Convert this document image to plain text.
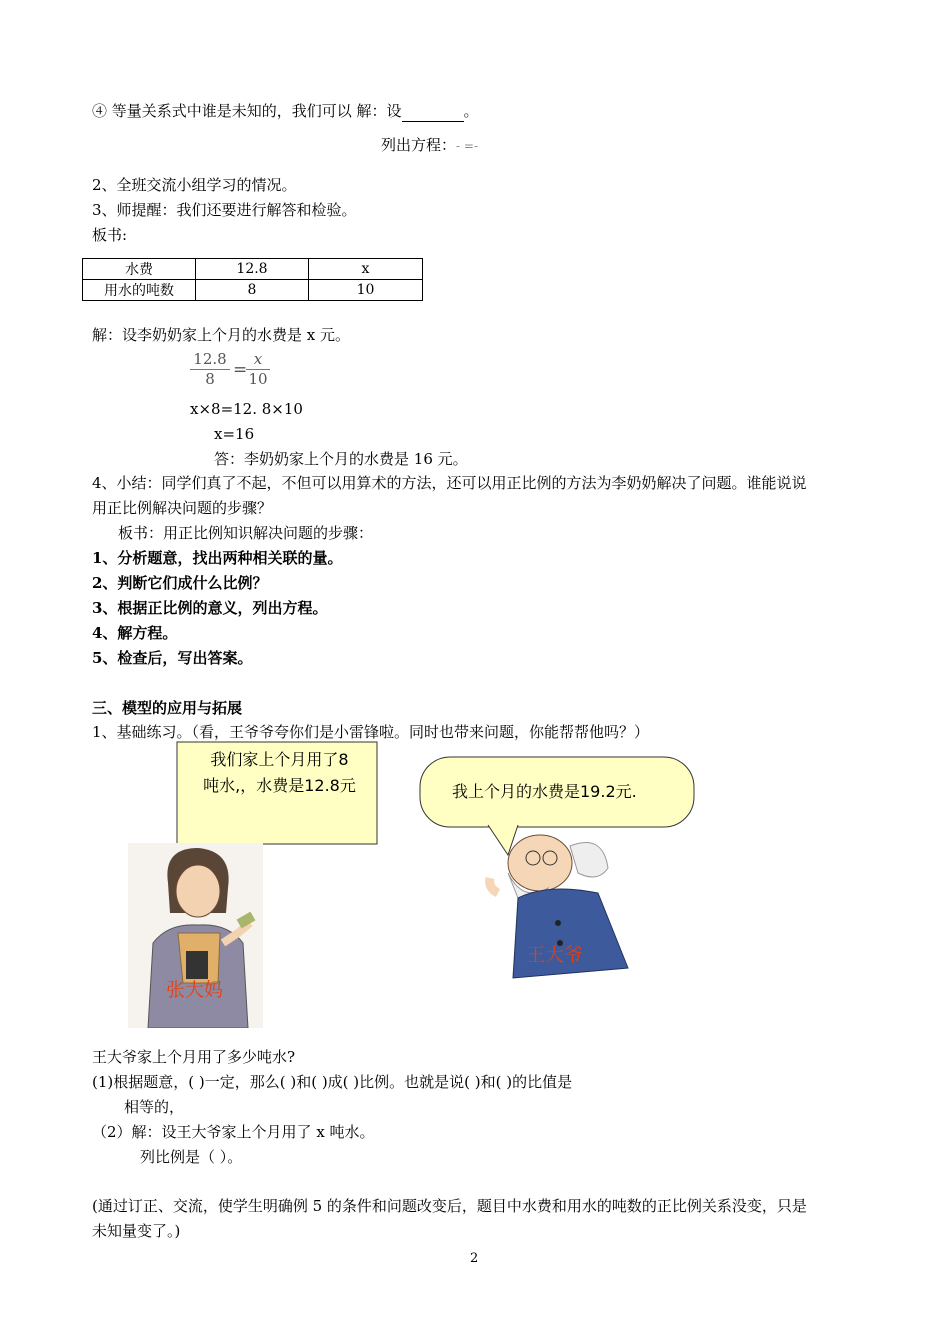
④ 等量关系式中谁是未知的，我们可以 解：设	。
列出方程：- =-
2、全班交流小组学习的情况。
3、师提醒：我们还要进行解答和检验。
板书:
水费	12.8	x
用水的吨数	8	10
解：设李奶奶家上个月的水费是 x 元。
$\frac{12.8}{8}$ =
$\frac{x}{10}$
x×8=12. 8×10
x=16
答：李奶奶家上个月的水费是 16 元。
4、小结：同学们真了不起，不但可以用算术的方法，还可以用正比例的方法为李奶奶解决了问题。谁能说说
用正比例解决问题的步骤？
板书：用正比例知识解决问题的步骤：
1、分析题意，找出两种相关联的量。
2、判断它们成什么比例？
3、根据正比例的意义，列出方程。
4、解方程。
5、检查后，写出答案。
三、模型的应用与拓展
1、基础练习。（看，王爷爷夸你们是小雷锋啦。同时也带来问题，你能帮帮他吗？）
我们家上个月用了8
吨水,，水费是12.8元	我上个月的水费是19.2元.
张大妈
王大爷
王大爷家上个月用了多少吨水?
(1)根据题意，( )一定，那么( )和( )成( )比例。也就是说( )和( )的比值是
相等的，
（2）解：设王大爷家上个月用了 x 吨水。
列比例是（ ）。
(通过订正、交流，使学生明确例 5 的条件和问题改变后，题目中水费和用水的吨数的正比例关系没变，只是
未知量变了。)
2
